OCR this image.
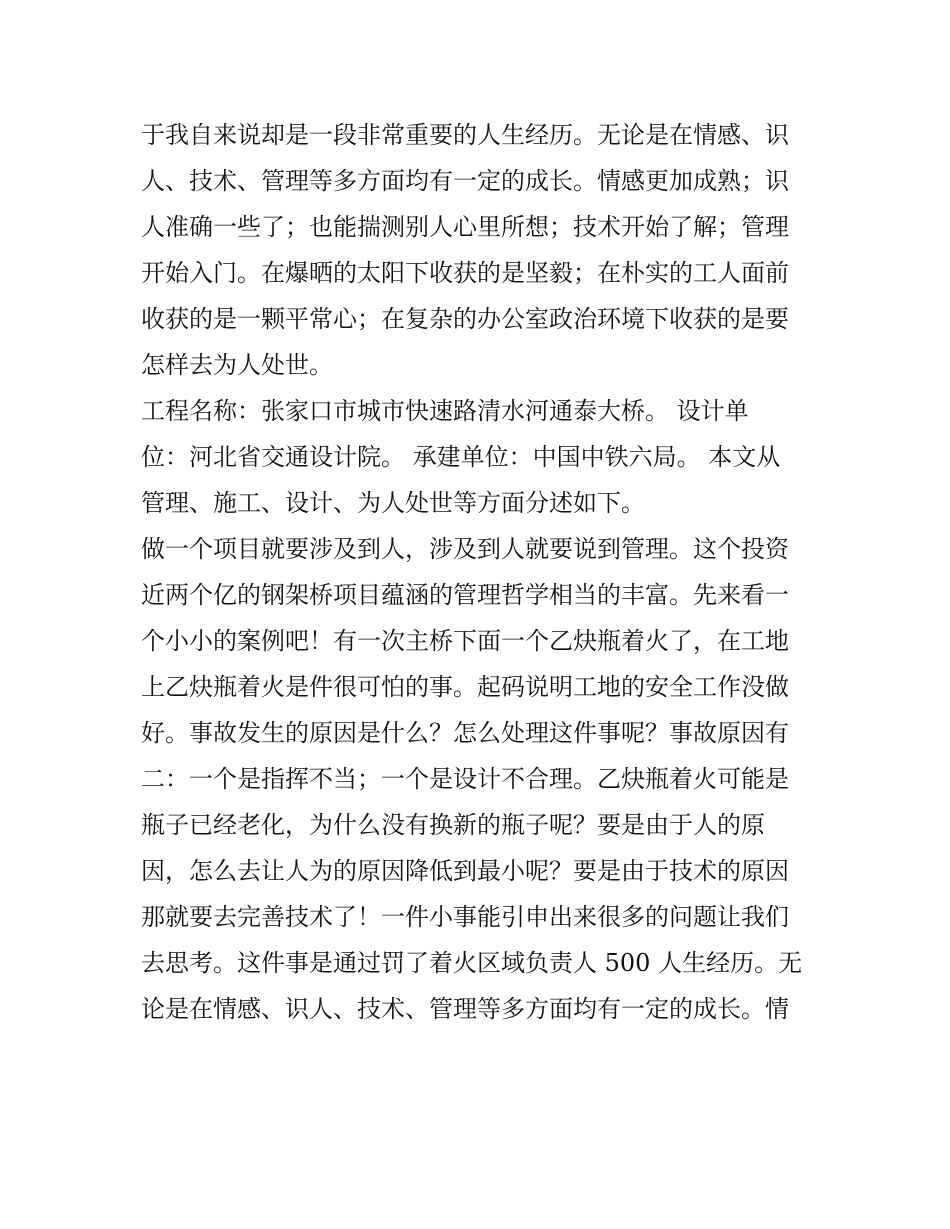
于我自来说却是一段非常重要的人生经历。无论是在情感、识
人、技术、管理等多方面均有一定的成长。情感更加成熟；识
人准确一些了；也能揣测别人心里所想；技术开始了解；管理
开始入门。在爆晒的太阳下收获的是坚毅；在朴实的工人面前
收获的是一颗平常心；在复杂的办公室政治环境下收获的是要
怎样去为人处世。
工程名称：张家口市城市快速路清水河通泰大桥。 设计单
位：河北省交通设计院。 承建单位：中国中铁六局。 本文从
管理、施工、设计、为人处世等方面分述如下。
做一个项目就要涉及到人，涉及到人就要说到管理。这个投资
近两个亿的钢架桥项目蕴涵的管理哲学相当的丰富。先来看一
个小小的案例吧！有一次主桥下面一个乙炔瓶着火了，在工地
上乙炔瓶着火是件很可怕的事。起码说明工地的安全工作没做
好。事故发生的原因是什么？怎么处理这件事呢？事故原因有
二：一个是指挥不当；一个是设计不合理。乙炔瓶着火可能是
瓶子已经老化，为什么没有换新的瓶子呢？要是由于人的原
因，怎么去让人为的原因降低到最小呢？要是由于技术的原因
那就要去完善技术了！一件小事能引申出来很多的问题让我们
去思考。这件事是通过罚了着火区域负责人 500 人生经历。无
论是在情感、识人、技术、管理等多方面均有一定的成长。情
